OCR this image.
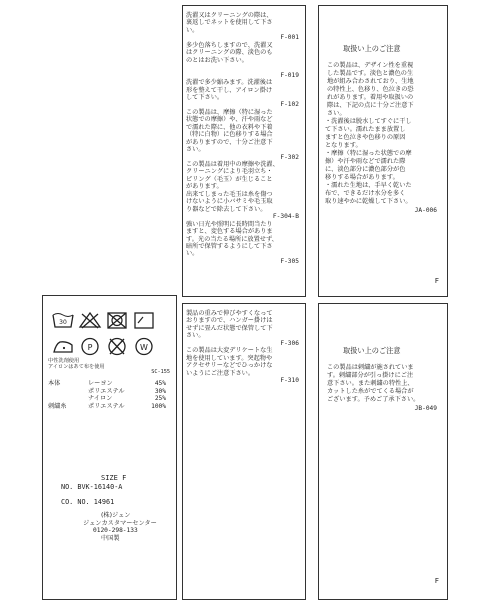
30
P	W
中性洗剤使用
アイロンはあて布を使用
SC-155
本体	レーヨン	45%
ポリエステル	30%
ナイロン	25%
刺繍糸	ポリエステル	100%
SIZE F
NO. BVK-16140-A
CO. NO. 14961
(株)ジュン
ジュンカスタマーセンター
0120-298-133
中国製
洗濯又はクリーニングの際は、
裏返しでネットを使用して下さ
い。
F-001
多少色落ちしますので、洗濯又
はクリーニングの際、淡色のも
のとはお洗い下さい。
F-019
洗濯で多少縮みます。洗濯後は
形を整えて干し、アイロン掛け
して下さい。
F-102
この製品は、摩擦（特に湿った
状態での摩擦）や、汗や雨など
で濡れた際に、他の衣料や下着
（特に白物）に色移りする場合
がありますので、十分ご注意下
さい。
F-302
この製品は着用中の摩擦や洗濯、
クリーニングにより毛羽立ち・
ピリング（毛玉）が生じること
があります。
出来てしまった毛玉は糸を傷つ
けないように小バサミや毛玉取
り器などで除去して下さい。
F-304-B
強い日光や照明に長時間当たり
ますと、変色する場合がありま
す。光の当たる場所に放置せず、
暗所で保管するようにして下さ
い。
F-305
製品の重みで伸びやすくなって
おりますので、ハンガー掛けは
せずに畳んだ状態で保管して下
さい。
F-306
この製品は大変デリケートな生
地を使用しています。突起物や
アクセサリーなどでひっかけな
いようにご注意下さい。
F-310
取扱い上のご注意
この製品は、デザイン性を重視
した製品です。淡色と濃色の生
地が組み合わされており、生地
の特性上、色移り、色泣きの恐
れがあります。着用や取扱いの
際は、下記の点に十分ご注意下
さい。
・洗濯後は脱水してすぐに干し
て下さい。濡れたまま放置し
ますと色泣きや色移りの原因
となります。
・摩擦（特に湿った状態での摩
擦）や汗や雨などで濡れた際
に、淡色部分に濃色部分が色
移りする場合があります。
・濡れた生地は、手早く乾いた
布で、できるだけ水分を多く
取り速やかに乾燥して下さい。
JA-006
F
取扱い上のご注意
この製品は刺繍が施されていま
す。刺繍部分が引っ掛けにご注
意下さい。また刺繍の特性上、
カットした糸がでてくる場合が
ございます。予めご了承下さい。
JB-049
F
